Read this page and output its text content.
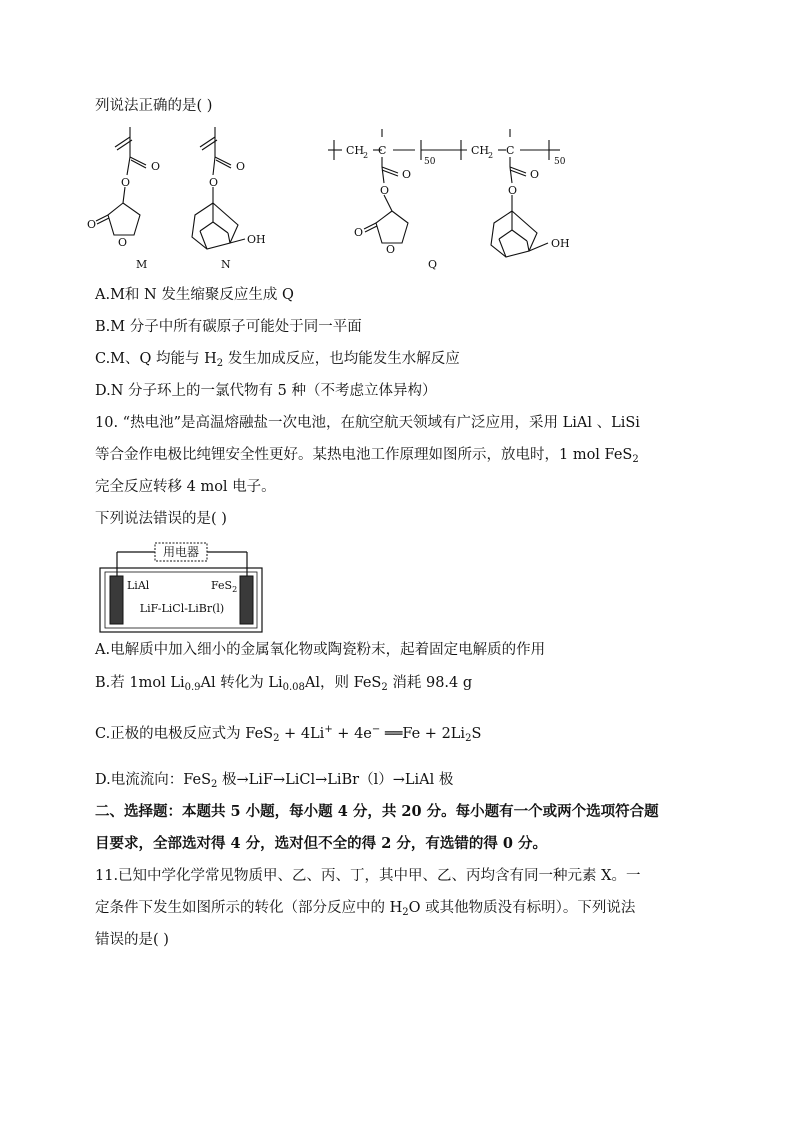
列说法正确的是( )
O
O
O
O
M
O
O
OH
N
CH
2 C
50
O
O
O
O
CH
2 C
50
O
O
OH
Q
A.M和 N 发生缩聚反应生成 Q
B.M 分子中所有碳原子可能处于同一平面
C.M、Q 均能与 $H_2$ 发生加成反应，也均能发生水解反应
D.N 分子环上的一氯代物有 5 种（不考虑立体异构）
10. “热电池”是高温熔融盐一次电池，在航空航天领域有广泛应用，采用 LiAl 、LiSi
等合金作电极比纯锂安全性更好。某热电池工作原理如图所示，放电时，1 mol FeS$_2$
完全反应转移 4 mol 电子。
下列说法错误的是( )
用电器
LiAl	FeS$_2$
LiF-LiCl-LiBr(l)
A.电解质中加入细小的金属氧化物或陶瓷粉末，起着固定电解质的作用
B.若 1mol $Li_{0.9}Al$ 转化为 $Li_{0.08}Al$，则 FeS$_2$ 消耗 98.4 g
C.正极的电极反应式为 FeS$_2$ + 4Li+ + 4e− ══Fe + $2Li_2S$
D.电流流向：FeS$_2$ 极→LiF→LiCl→LiBr（l）→LiAl 极
二、选择题：本题共 5 小题，每小题 4 分，共 20 分。每小题有一个或两个选项符合题
目要求，全部选对得 4 分，选对但不全的得 2 分，有选错的得 0 分。
11.已知中学化学常见物质甲、乙、丙、丁，其中甲、乙、丙均含有同一种元素 X。一
定条件下发生如图所示的转化（部分反应中的 $H_2O$ 或其他物质没有标明）。下列说法
错误的是( )
